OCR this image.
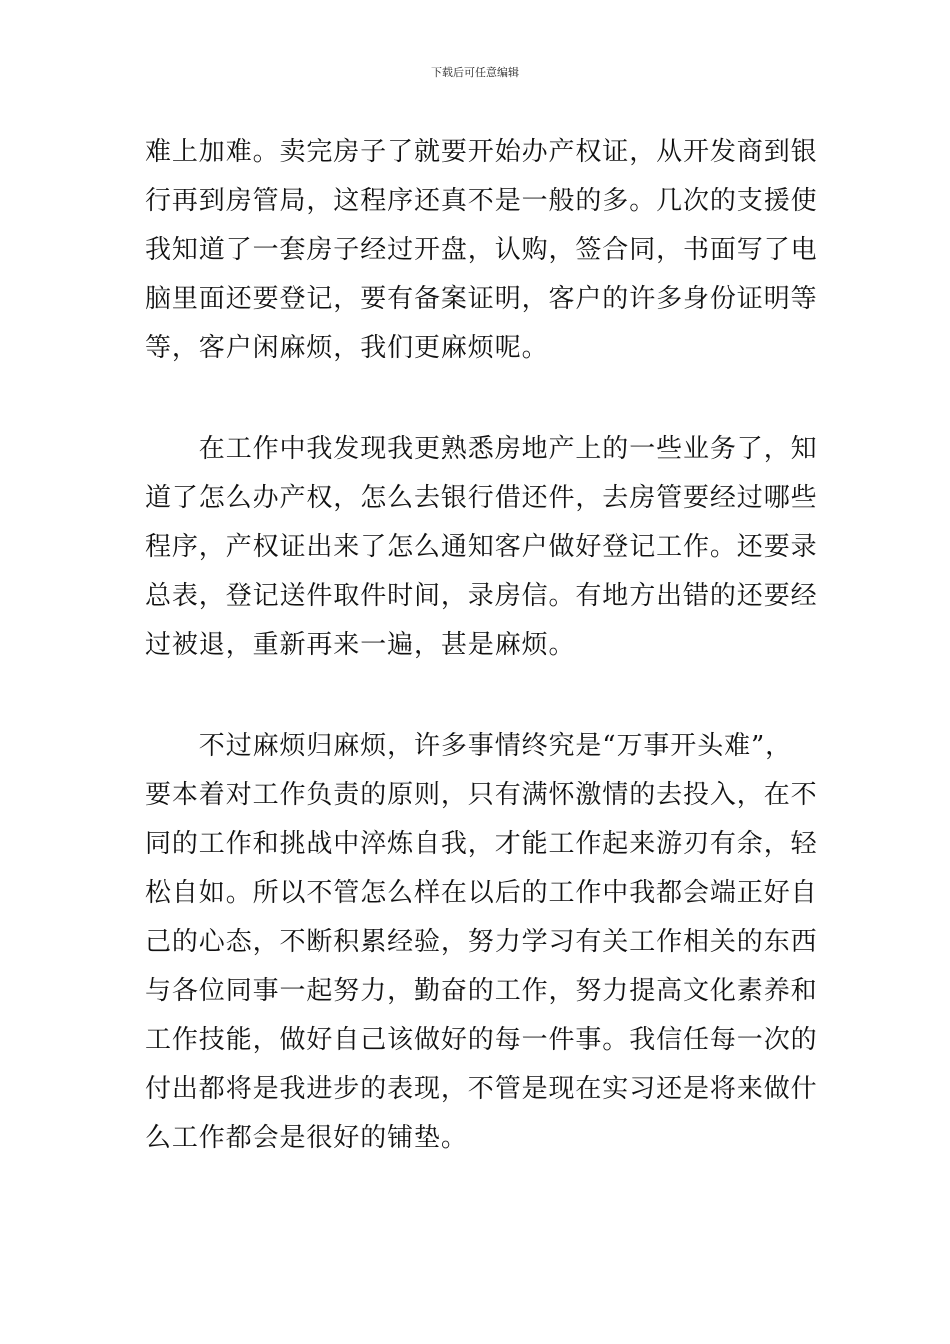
下载后可任意编辑
难上加难。卖完房子了就要开始办产权证，从开发商到银
行再到房管局，这程序还真不是一般的多。几次的支援使
我知道了一套房子经过开盘，认购，签合同，书面写了电
脑里面还要登记，要有备案证明，客户的许多身份证明等
等，客户闲麻烦，我们更麻烦呢。
　　在工作中我发现我更熟悉房地产上的一些业务了，知
道了怎么办产权，怎么去银行借还件，去房管要经过哪些
程序，产权证出来了怎么通知客户做好登记工作。还要录
总表，登记送件取件时间，录房信。有地方出错的还要经
过被退，重新再来一遍，甚是麻烦。
　　不过麻烦归麻烦，许多事情终究是“万事开头难”，
要本着对工作负责的原则，只有满怀激情的去投入，在不
同的工作和挑战中淬炼自我，才能工作起来游刃有余，轻
松自如。所以不管怎么样在以后的工作中我都会端正好自
己的心态，不断积累经验，努力学习有关工作相关的东西
与各位同事一起努力，勤奋的工作，努力提高文化素养和
工作技能，做好自己该做好的每一件事。我信任每一次的
付出都将是我进步的表现，不管是现在实习还是将来做什
么工作都会是很好的铺垫。
